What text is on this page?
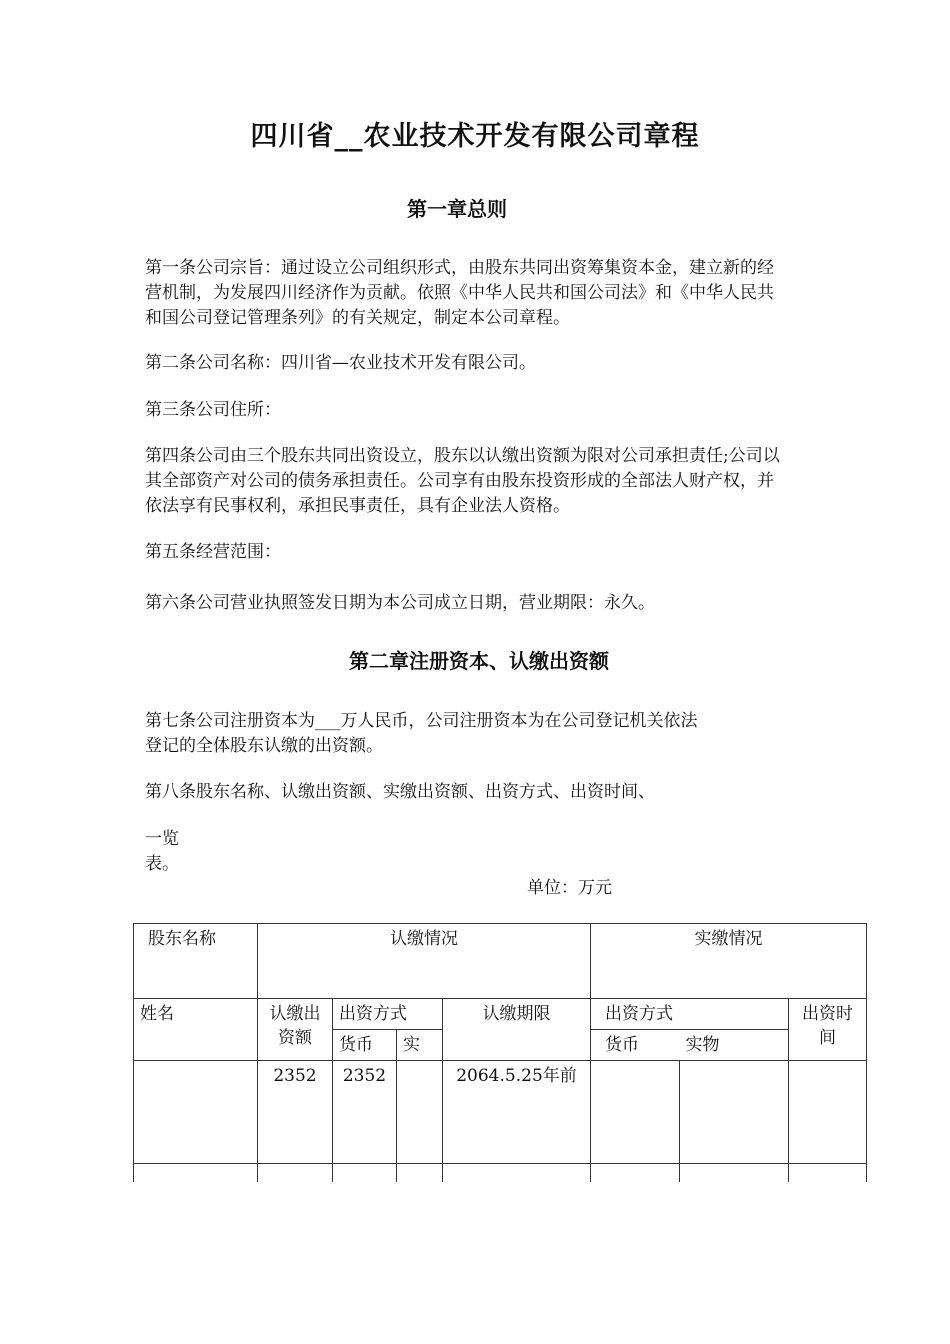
四川省__农业技术开发有限公司章程
第一章总则
第一条公司宗旨：通过设立公司组织形式，由股东共同出资筹集资本金，建立新的经
营机制，为发展四川经济作为贡献。依照《中华人民共和国公司法》和《中华人民共
和国公司登记管理条列》的有关规定，制定本公司章程。
第二条公司名称：四川省—农业技术开发有限公司。
第三条公司住所：
第四条公司由三个股东共同出资设立，股东以认缴出资额为限对公司承担责任;公司以
其全部资产对公司的债务承担责任。公司享有由股东投资形成的全部法人财产权，并
依法享有民事权利，承担民事责任，具有企业法人资格。
第五条经营范围：
第六条公司营业执照签发日期为本公司成立日期，营业期限：永久。
第二章注册资本、认缴出资额
第七条公司注册资本为___万人民币，公司注册资本为在公司登记机关依法
登记的全体股东认缴的出资额。
第八条股东名称、认缴出资额、实缴出资额、出资方式、出资时间、
一览
表。
单位：万元
股东名称	认缴情况				实缴情况		
姓名	认缴出资额	出资方式		认缴期限	出资方式		出资时间
		货币	实		货币	实物	
	2352	2352		2064.5.25年前			
